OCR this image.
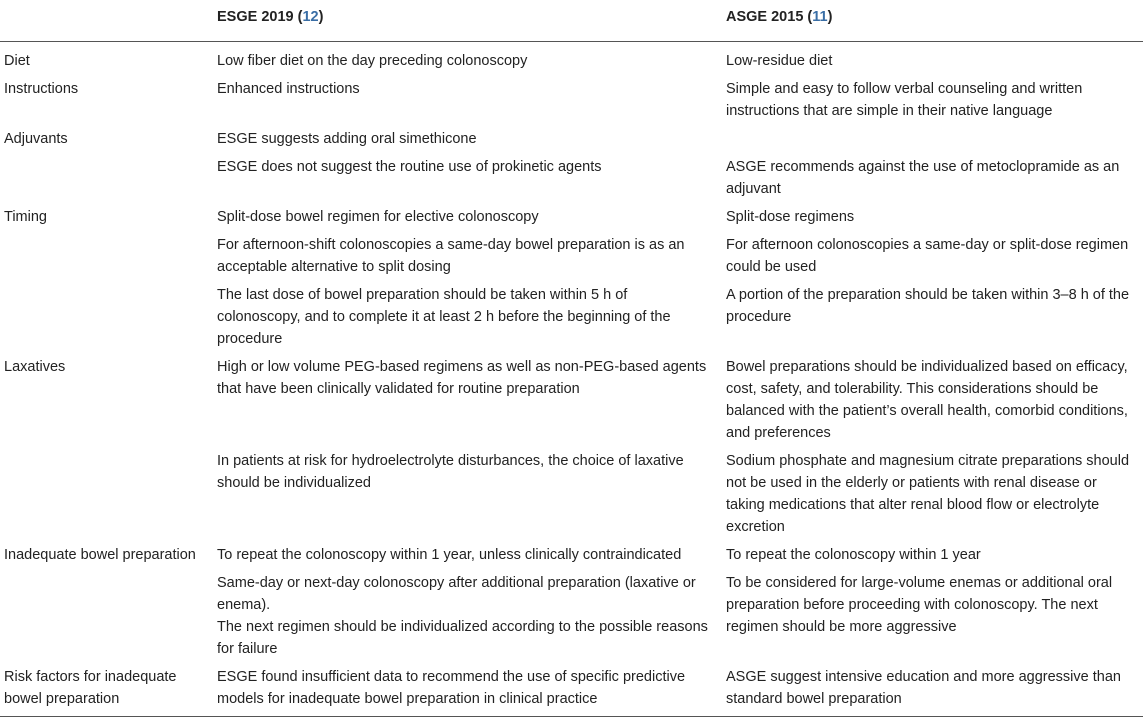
	ESGE 2019 (12)	ASGE 2015 (11)
Diet	Low fiber diet on the day preceding colonoscopy	Low-residue diet

Instructions	Enhanced instructions	Simple and easy to follow verbal counseling and written instructions that are simple in their native language

Adjuvants	ESGE suggests adding oral simethicone	

	ESGE does not suggest the routine use of prokinetic agents	ASGE recommends against the use of metoclopramide as an adjuvant

Timing	Split-dose bowel regimen for elective colonoscopy	Split-dose regimens

	For afternoon-shift colonoscopies a same-day bowel preparation is as an acceptable alternative to split dosing	For afternoon colonoscopies a same-day or split-dose regimen could be used

	The last dose of bowel preparation should be taken within 5 h of colonoscopy, and to complete it at least 2 h before the beginning of the procedure	A portion of the preparation should be taken within 3–8 h of the procedure

Laxatives	High or low volume PEG-based regimens as well as non-PEG-based agents that have been clinically validated for routine preparation	Bowel preparations should be individualized based on efficacy, cost, safety, and tolerability. This considerations should be balanced with the patient’s overall health, comorbid conditions, and preferences

	In patients at risk for hydroelectrolyte disturbances, the choice of laxative should be individualized	Sodium phosphate and magnesium citrate preparations should not be used in the elderly or patients with renal disease or taking medications that alter renal blood flow or electrolyte excretion

Inadequate bowel preparation	To repeat the colonoscopy within 1 year, unless clinically contraindicated	To repeat the colonoscopy within 1 year

	Same-day or next-day colonoscopy after additional preparation (laxative or enema).
The next regimen should be individualized according to the possible reasons for failure	To be considered for large-volume enemas or additional oral preparation before proceeding with colonoscopy. The next regimen should be more aggressive

Risk factors for inadequate bowel preparation	ESGE found insufficient data to recommend the use of specific predictive models for inadequate bowel preparation in clinical practice	ASGE suggest intensive education and more aggressive than standard bowel preparation
